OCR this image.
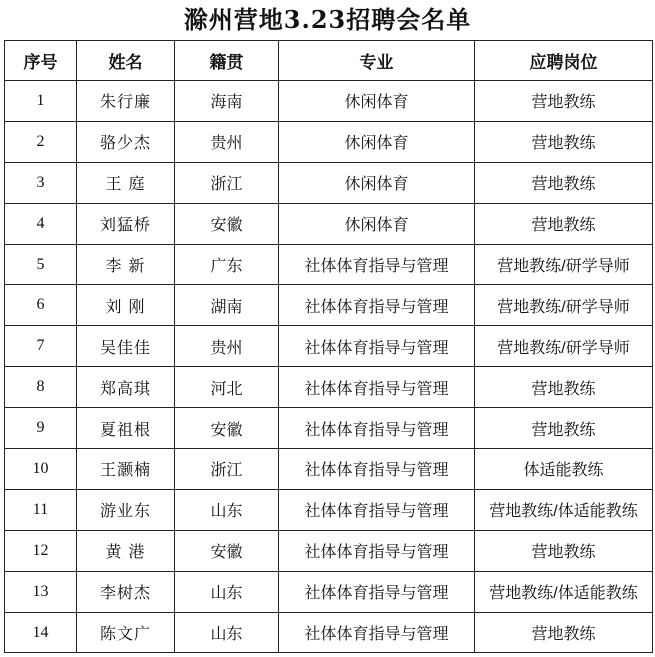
滁州营地3.23招聘会名单
序号	姓名	籍贯	专业	应聘岗位
1	朱行廉	海南	休闲体育	营地教练
2	骆少杰	贵州	休闲体育	营地教练
3	王 庭	浙江	休闲体育	营地教练
4	刘猛桥	安徽	休闲体育	营地教练
5	李 新	广东	社体体育指导与管理	营地教练/研学导师
6	刘 刚	湖南	社体体育指导与管理	营地教练/研学导师
7	吴佳佳	贵州	社体体育指导与管理	营地教练/研学导师
8	郑高琪	河北	社体体育指导与管理	营地教练
9	夏祖根	安徽	社体体育指导与管理	营地教练
10	王灏楠	浙江	社体体育指导与管理	体适能教练
11	游业东	山东	社体体育指导与管理	营地教练/体适能教练
12	黄 港	安徽	社体体育指导与管理	营地教练
13	李树杰	山东	社体体育指导与管理	营地教练/体适能教练
14	陈文广	山东	社体体育指导与管理	营地教练
